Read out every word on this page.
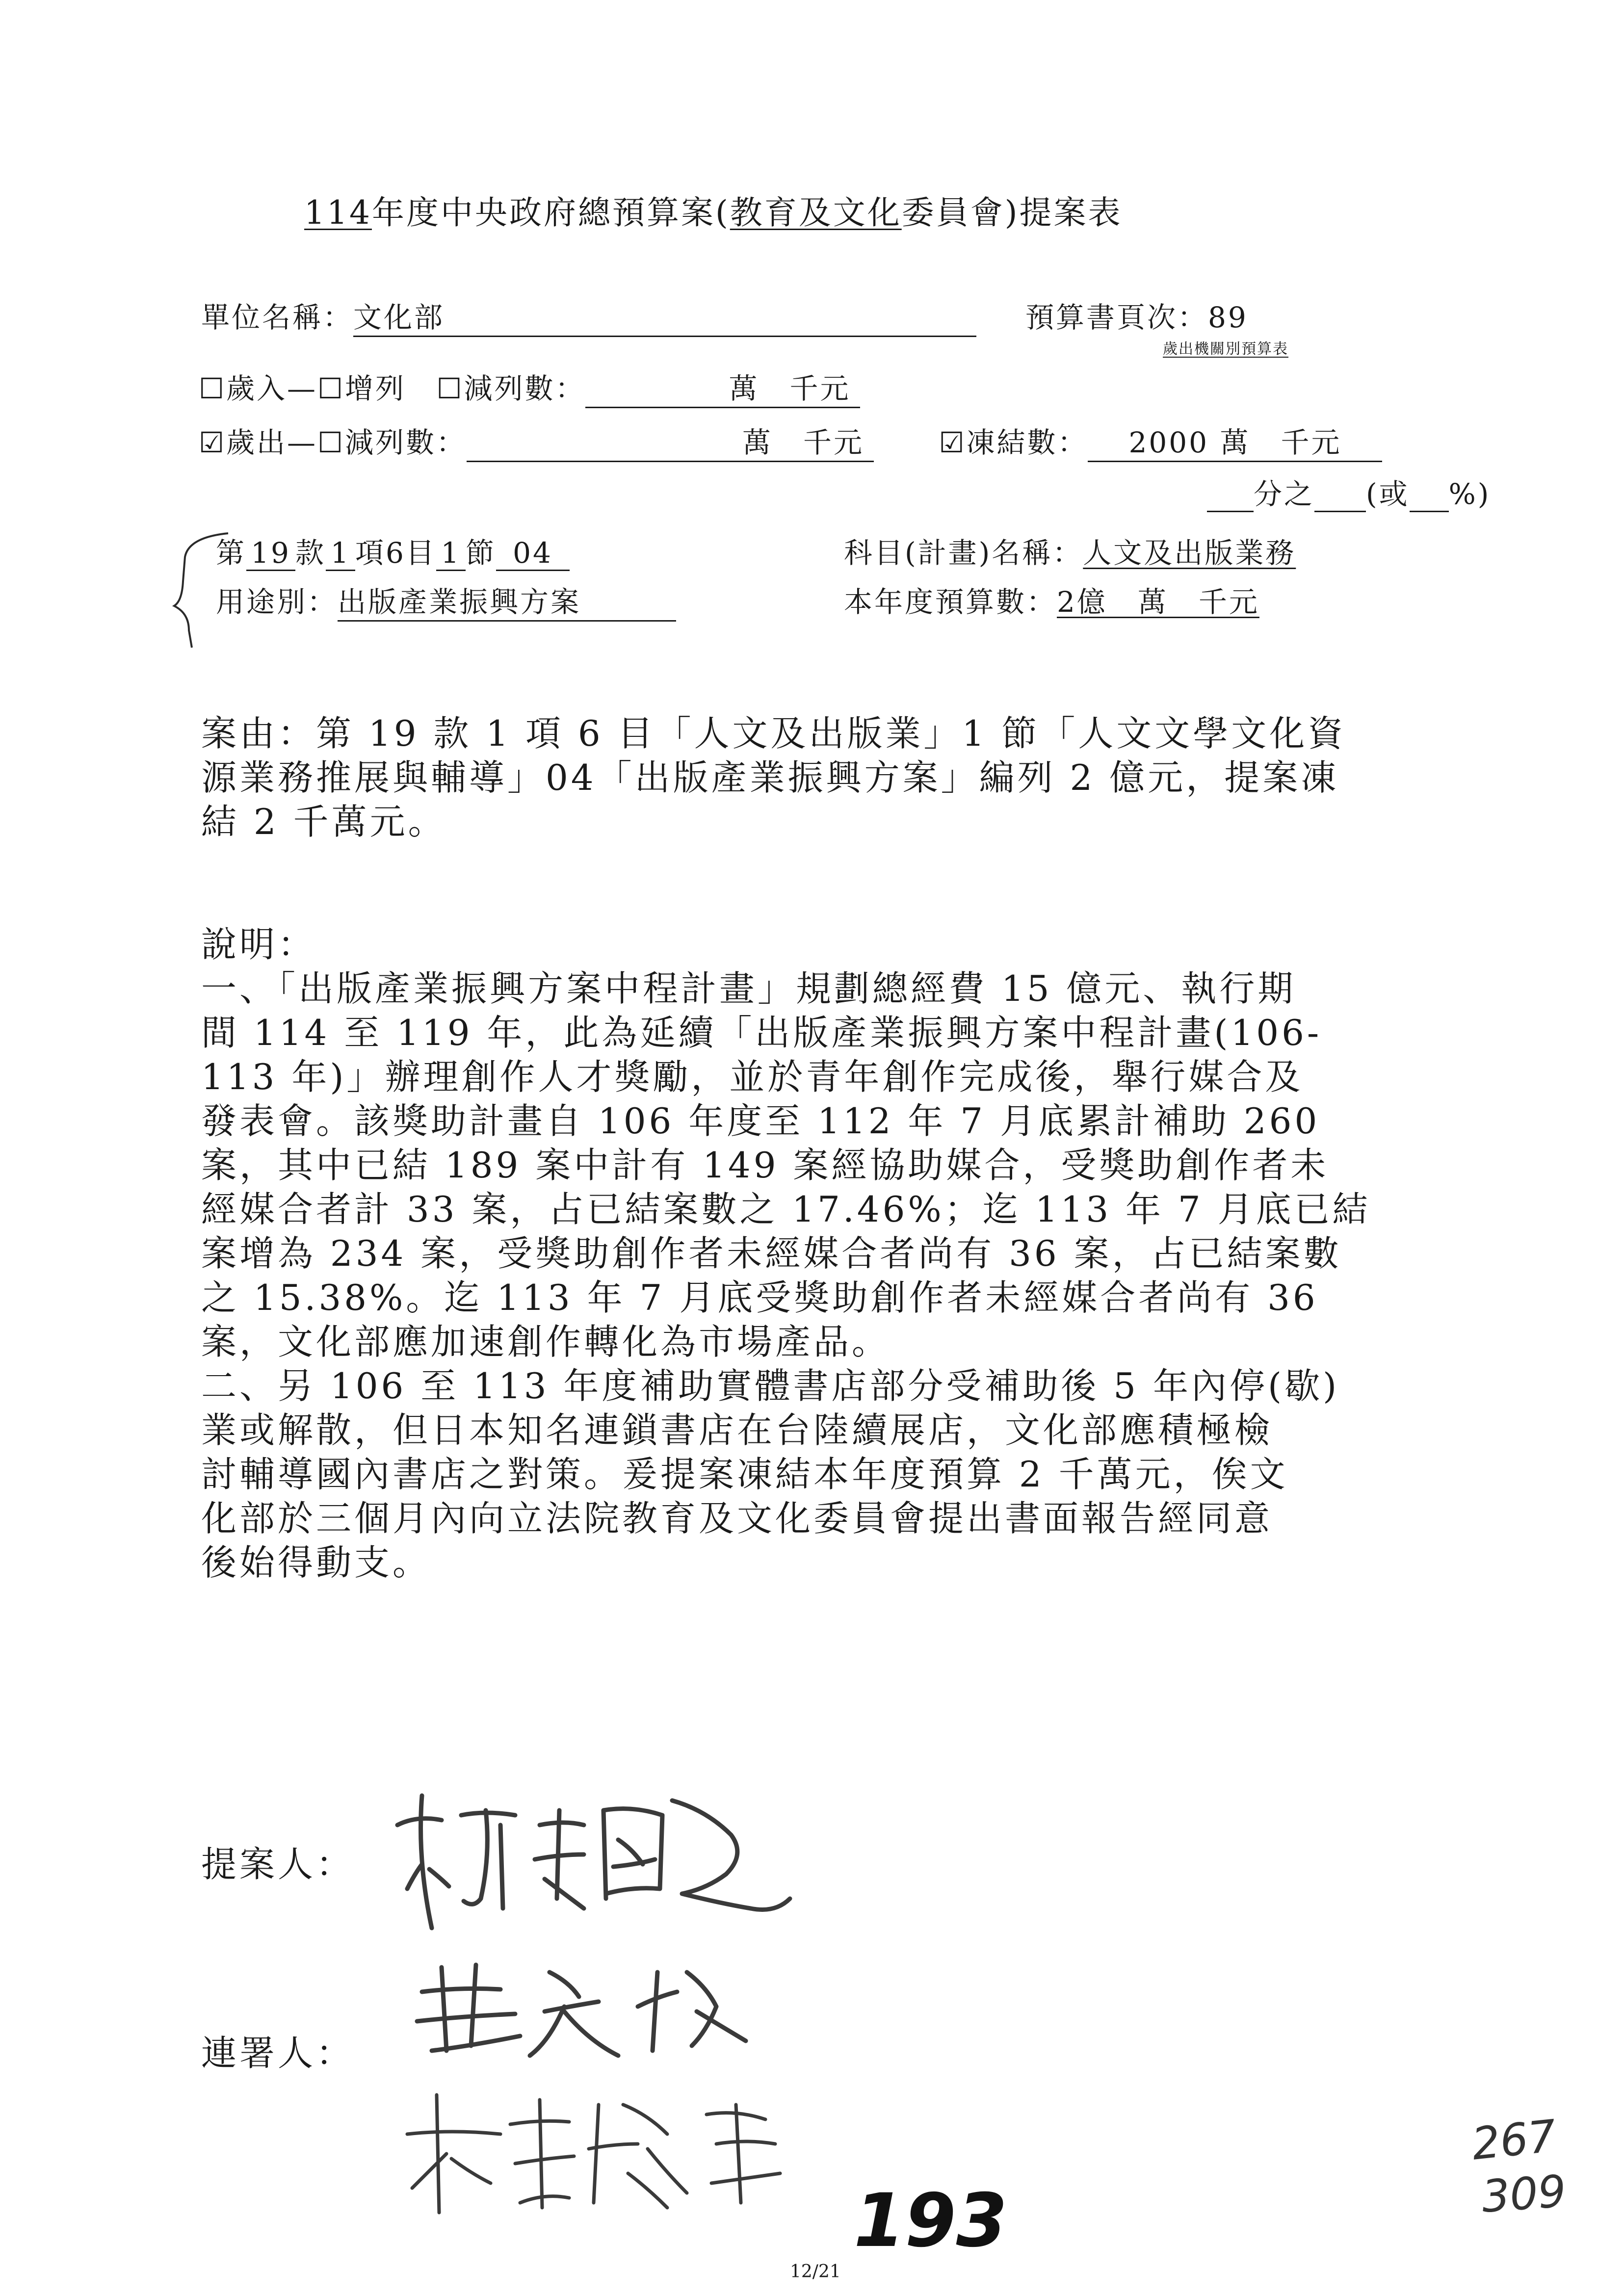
114年度中央政府總預算案(教育及文化委員會)提案表
單位名稱：文化部	預算書頁次：89
歲出機關別預算表
☐歲入—☐增列 ☐減列數：	萬　千元
☑歲出—☐減列數：	萬　千元	☑凍結數： 2000 萬　千元
分之 (或 %)
第 19 款 1 項6目 1 節 04	科目(計畫)名稱：人文及出版業務
用途別：出版產業振興方案	本年度預算數：2億　萬　千元
案由：第 19 款 1 項 6 目「人文及出版業」1 節「人文文學文化資
源業務推展與輔導」04「出版產業振興方案」編列 2 億元，提案凍
結 2 千萬元。
說明：
一、「出版產業振興方案中程計畫」規劃總經費 15 億元、執行期
間 114 至 119 年，此為延續「出版產業振興方案中程計畫(106-
113 年)」辦理創作人才獎勵，並於青年創作完成後，舉行媒合及
發表會。該獎助計畫自 106 年度至 112 年 7 月底累計補助 260
案，其中已結 189 案中計有 149 案經協助媒合，受獎助創作者未
經媒合者計 33 案，占已結案數之 17.46%；迄 113 年 7 月底已結
案增為 234 案，受獎助創作者未經媒合者尚有 36 案，占已結案數
之 15.38%。迄 113 年 7 月底受獎助創作者未經媒合者尚有 36
案，文化部應加速創作轉化為市場產品。
二、另 106 至 113 年度補助實體書店部分受補助後 5 年內停(歇)
業或解散，但日本知名連鎖書店在台陸續展店，文化部應積極檢
討輔導國內書店之對策。爰提案凍結本年度預算 2 千萬元，俟文
化部於三個月內向立法院教育及文化委員會提出書面報告經同意
後始得動支。
提案人：
連署人：
193
267
309
12/21
